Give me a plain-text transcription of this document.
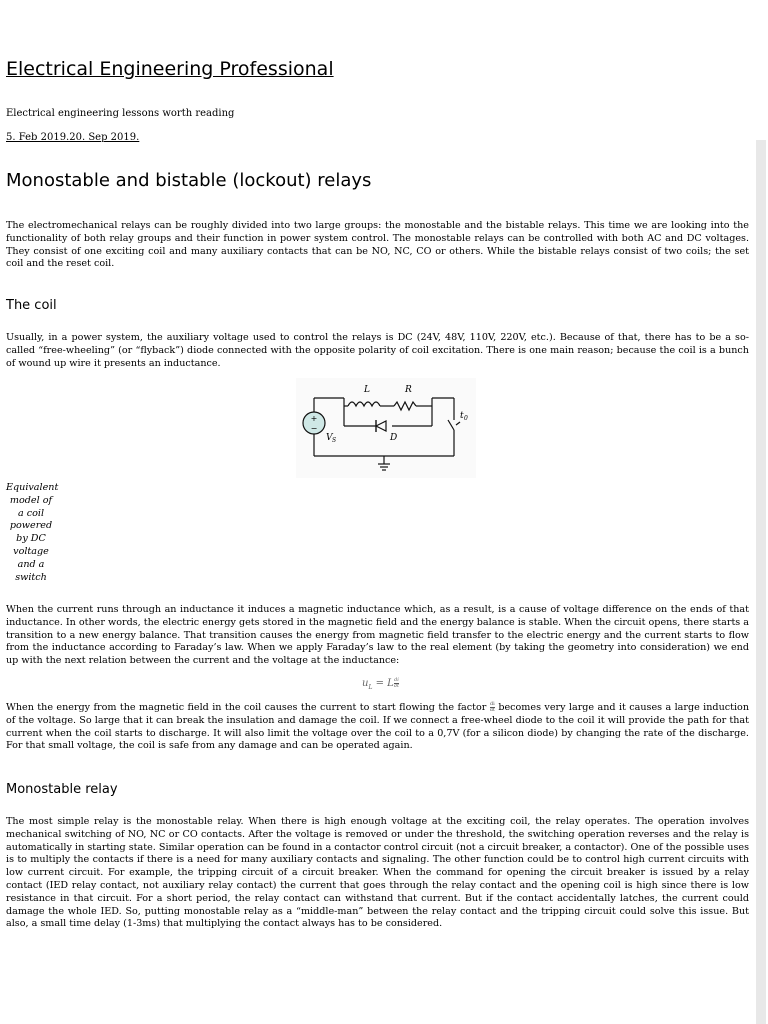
Electrical Engineering Professional
Electrical engineering lessons worth reading
5. Feb 2019.20. Sep 2019.
Monostable and bistable (lockout) relays

The electromechanical relays can be roughly divided into two large groups: the monostable and the bistable relays. This time we are looking into the functionality of both relay groups and their function in power system control. The monostable relays can be controlled with both AC and DC voltages. They consist of one exciting coil and many auxiliary contacts that can be NO, NC, CO or others. While the bistable relays consist of two coils; the set coil and the reset coil.

The coil

Usually, in a power system, the auxiliary voltage used to control the relays is DC (24V, 48V, 110V, 220V, etc.). Because of that, there has to be a so-called “free-wheeling” (or “flyback”) diode connected with the opposite polarity of coil excitation. There is one main reason; because the coil is a bunch of wound up wire it presents an inductance.

+
−
L	R
D
V S
t 0
Equivalent model of a coil powered by DC voltage and a switch

When the current runs through an inductance it induces a magnetic inductance which, as a result, is a cause of voltage difference on the ends of that inductance. In other words, the electric energy gets stored in the magnetic field and the energy balance is stable. When the circuit opens, there starts a transition to a new energy balance. That transition causes the energy from magnetic field transfer to the electric energy and the current starts to flow from the inductance according to Faraday’s law. When we apply Faraday’s law to the real element (by taking the geometry into consideration) we end up with the next relation between the current and the voltage at the inductance:

$u_L = L \frac{di}{dt}$

When the energy from the magnetic field in the coil causes the current to start flowing the factor $\frac{di}{dt}$ becomes very large and it causes a large induction of the voltage. So large that it can break the insulation and damage the coil. If we connect a free-wheel diode to the coil it will provide the path for that current when the coil starts to discharge. It will also limit the voltage over the coil to a 0,7V (for a silicon diode) by changing the rate of the discharge. For that small voltage, the coil is safe from any damage and can be operated again.

Monostable relay

The most simple relay is the monostable relay. When there is high enough voltage at the exciting coil, the relay operates. The operation involves mechanical switching of NO, NC or CO contacts. After the voltage is removed or under the threshold, the switching operation reverses and the relay is automatically in starting state. Similar operation can be found in a contactor control circuit (not a circuit breaker, a contactor). One of the possible uses is to multiply the contacts if there is a need for many auxiliary contacts and signaling. The other function could be to control high current circuits with low current circuit. For example, the tripping circuit of a circuit breaker. When the command for opening the circuit breaker is issued by a relay contact (IED relay contact, not auxiliary relay contact) the current that goes through the relay contact and the opening coil is high since there is low resistance in that circuit. For a short period, the relay contact can withstand that current. But if the contact accidentally latches, the current could damage the whole IED. So, putting monostable relay as a “middle-man” between the relay contact and the tripping circuit could solve this issue. But also, a small time delay (1-3ms) that multiplying the contact always has to be considered.
